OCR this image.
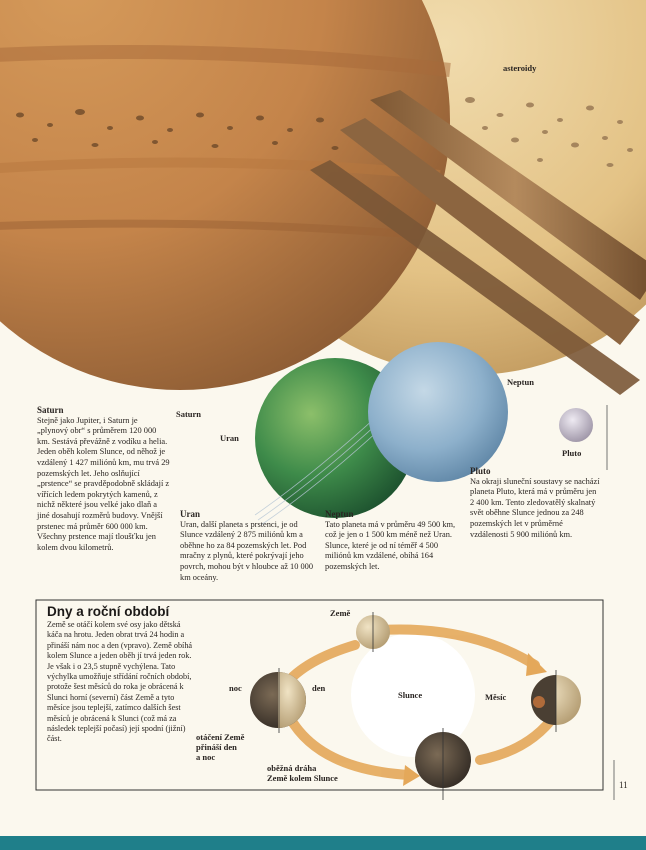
asteroidy
Saturn
Uran
Neptun
Pluto
Saturn
Stejně jako Jupiter, i Saturn je „plynový obr“ s průměrem 120 000 km. Sestává převážně z vodíku a helia. Jeden oběh kolem Slunce, od něhož je vzdálený 1 427 miliónů km, mu trvá 29 pozemských let. Jeho oslňující „prstence“ se pravděpodobně skládají z vířících ledem pokrytých kamenů, z nichž některé jsou velké jako dlaň a jiné dosahují rozměrů budovy. Vnější prstenec má průměr 600 000 km. Všechny prstence mají tloušťku jen kolem dvou kilometrů.
Uran
Uran, další planeta s prstenci, je od Slunce vzdálený 2 875 miliónů km a oběhne ho za 84 pozemských let. Pod mračny z plynů, které pokrývají jeho povrch, mohou být v hloubce až 10 000 km oceány.
Neptun
Tato planeta má v průměru 49 500 km, což je jen o 1 500 km méně než Uran. Slunce, které je od ní téměř 4 500 miliónů km vzdálené, obíhá 164 pozemských let.
Pluto
Na okraji sluneční soustavy se nachází planeta Pluto, která má v průměru jen 2 400 km. Tento zledovatělý skalnatý svět oběhne Slunce jednou za 248 pozemských let v průměrné vzdálenosti 5 900 miliónů km.
Dny a roční období
Země se otáčí kolem své osy jako dětská káča na hrotu. Jeden obrat trvá 24 hodin a přináší nám noc a den (vpravo). Země obíhá kolem Slunce a jeden oběh jí trvá jeden rok. Je však i o 23,5 stupně vychýlena. Tato výchylka umožňuje střídání ročních období, protože šest měsíců do roka je obrácená k Slunci horní (severní) část Země a tyto měsíce jsou teplejší, zatímco dalších šest měsíců je obrácená k Slunci (což má za následek teplejší počasí) její spodní (jižní) část.
Země
Slunce	Měsíc
noc	den
otáčení Země
přináší den
a noc
oběžná dráha
Země kolem Slunce
11
